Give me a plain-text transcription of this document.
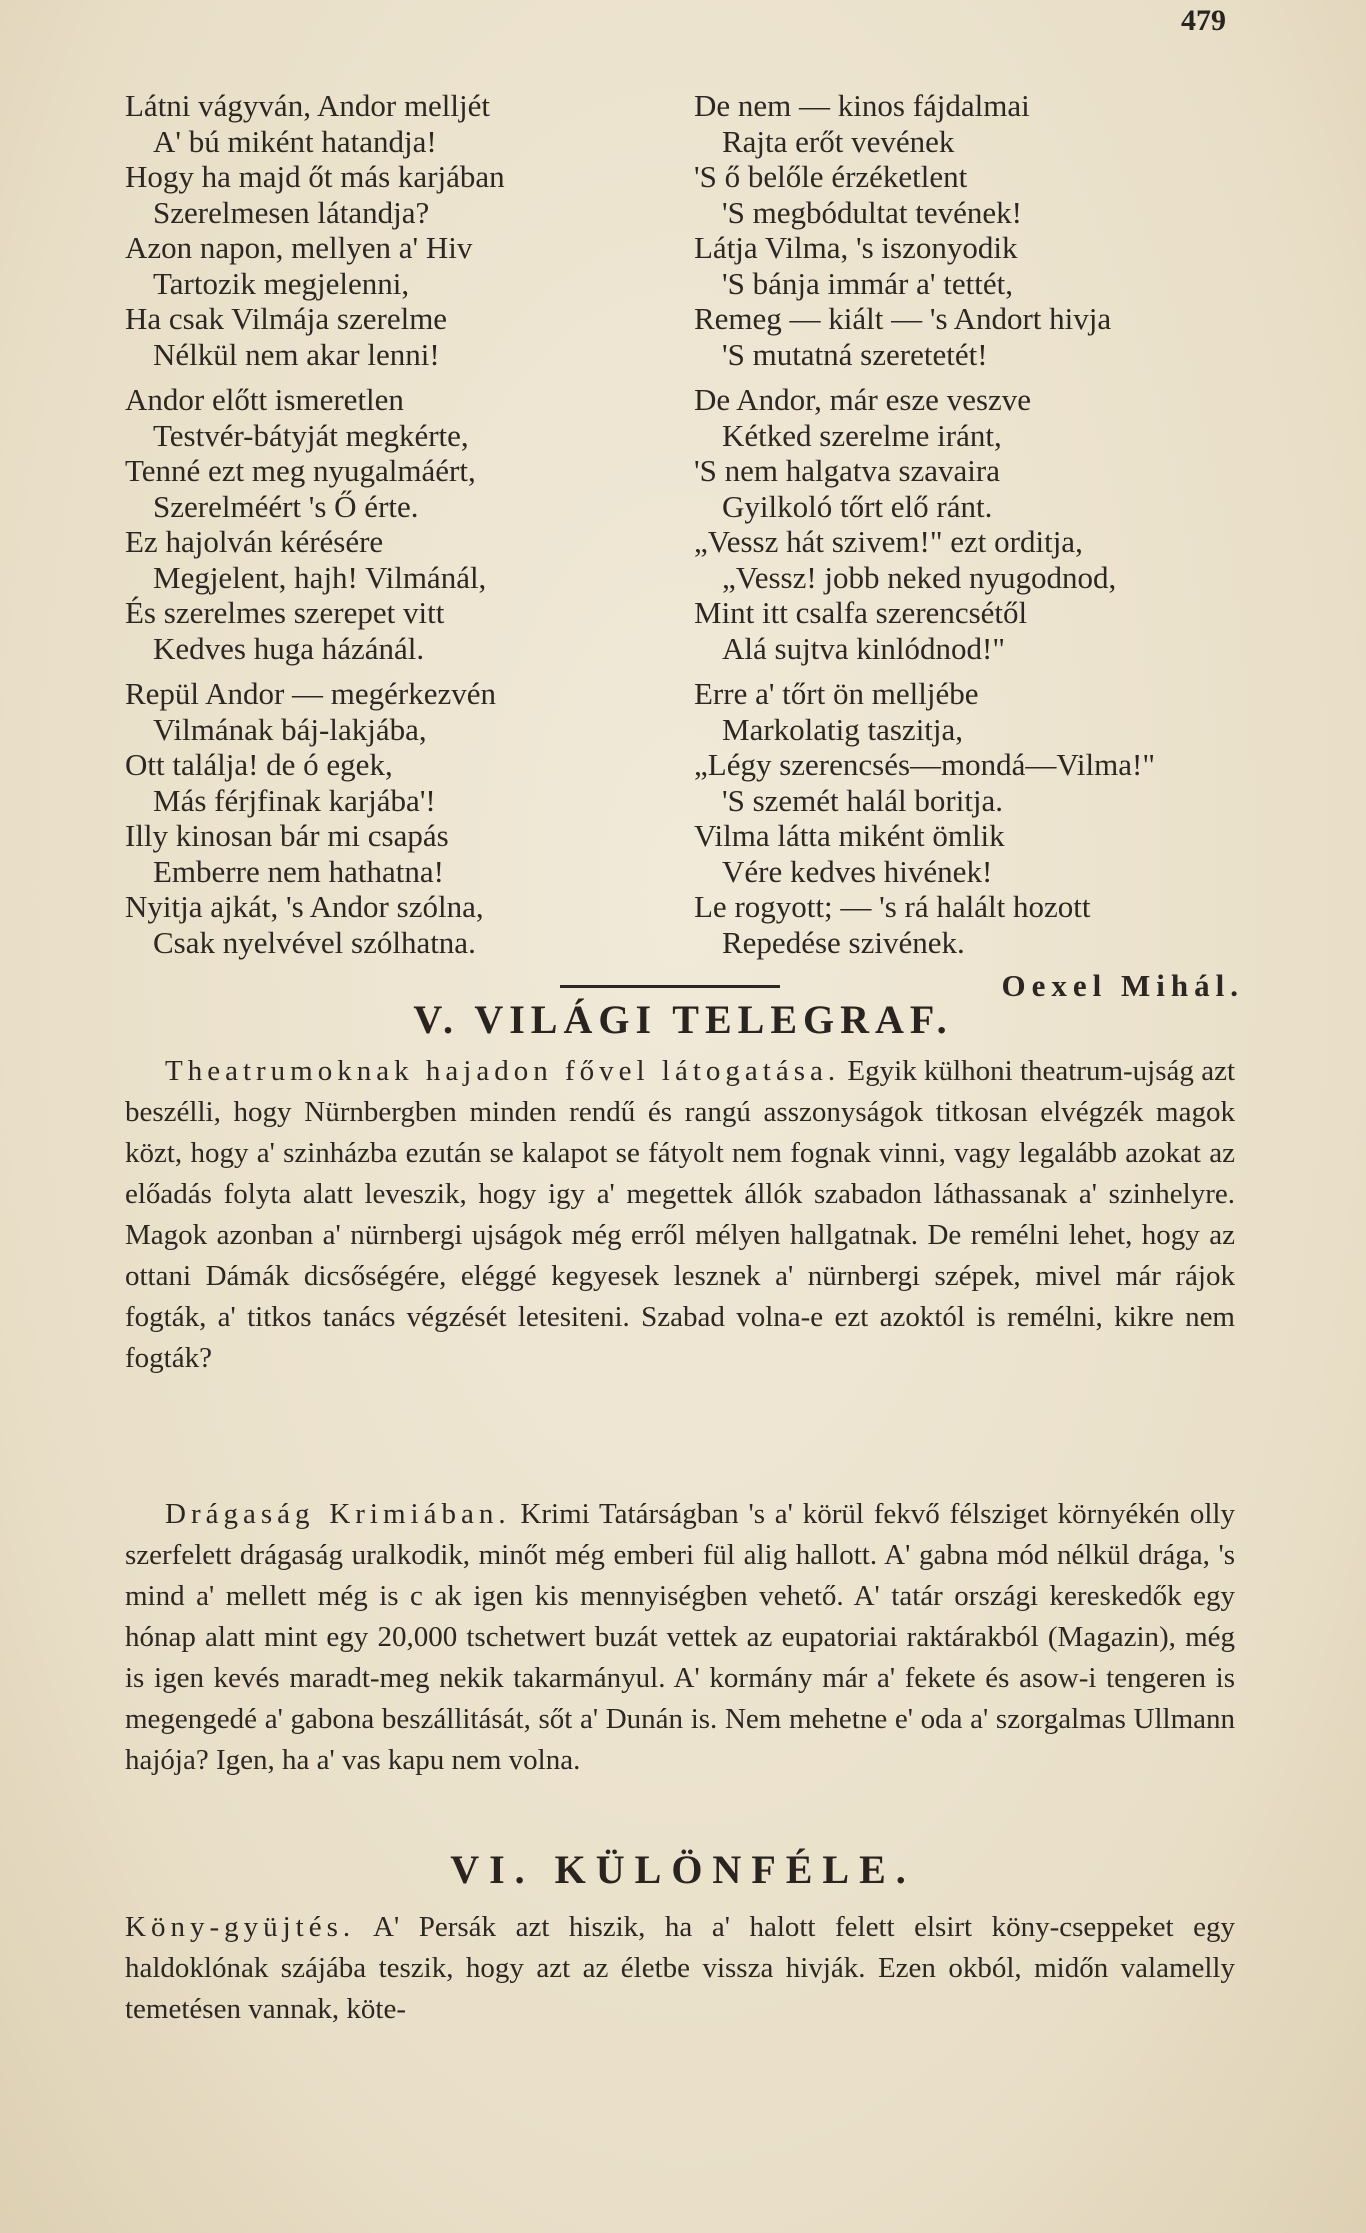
479
Látni vágyván, Andor melljét
A' bú miként hatandja!
Hogy ha majd őt más karjában
Szerelmesen látandja?
Azon napon, mellyen a' Hiv
Tartozik megjelenni,
Ha csak Vilmája szerelme
Nélkül nem akar lenni!
Andor előtt ismeretlen
Testvér-bátyját megkérte,
Tenné ezt meg nyugalmáért,
Szerelméért 's Ő érte.
Ez hajolván kérésére
Megjelent, hajh! Vilmánál,
És szerelmes szerepet vitt
Kedves huga házánál.
Repül Andor — megérkezvén
Vilmának báj-lakjába,
Ott találja! de ó egek,
Más férjfinak karjába'!
Illy kinosan bár mi csapás
Emberre nem hathatna!
Nyitja ajkát, 's Andor szólna,
Csak nyelvével szólhatna.
De nem — kinos fájdalmai
Rajta erőt vevének
'S ő belőle érzéketlent
'S megbódultat tevének!
Látja Vilma, 's iszonyodik
'S bánja immár a' tettét,
Remeg — kiált — 's Andort hivja
'S mutatná szeretetét!
De Andor, már esze veszve
Kétked szerelme iránt,
'S nem halgatva szavaira
Gyilkoló tőrt elő ránt.
„Vessz hát szivem!" ezt orditja,
„Vessz! jobb neked nyugodnod,
Mint itt csalfa szerencsétől
Alá sujtva kinlódnod!"
Erre a' tőrt ön melljébe
Markolatig taszitja,
„Légy szerencsés—mondá—Vilma!"
'S szemét halál boritja.
Vilma látta miként ömlik
Vére kedves hivének!
Le rogyott; — 's rá halált hozott
Repedése szivének.
Oexel Mihál.
V. VILÁGI TELEGRAF.

Theatrumoknak hajadon fővel látogatása. Egyik külhoni theatrum-ujság azt beszélli, hogy Nürnbergben minden rendű és rangú asszonyságok titkosan elvégzék magok közt, hogy a' szinházba ezután se kalapot se fátyolt nem fognak vinni, vagy legalább azokat az előadás folyta alatt leveszik, hogy igy a' megettek állók szabadon láthassanak a' szinhelyre. Magok azonban a' nürnbergi ujságok még erről mélyen hallgatnak. De remélni lehet, hogy az ottani Dámák dicsőségére, eléggé kegyesek lesznek a' nürnbergi szépek, mivel már rájok fogták, a' titkos tanács végzését letesiteni. Szabad volna-e ezt azoktól is remélni, kikre nem fogták?

Drágaság Krimiában. Krimi Tatárságban 's a' körül fekvő félsziget környékén olly szerfelett drágaság uralkodik, minőt még emberi fül alig hallott. A' gabna mód nélkül drága, 's mind a' mellett még is c ak igen kis mennyiségben vehető. A' tatár országi kereskedők egy hónap alatt mint egy 20,000 tschetwert buzát vettek az eupatoriai raktárakból (Magazin), még is igen kevés maradt-meg nekik takarmányul. A' kormány már a' fekete és asow-i tengeren is megengedé a' gabona beszállitását, sőt a' Dunán is. Nem mehetne e' oda a' szorgalmas Ullmann hajója? Igen, ha a' vas kapu nem volna.

VI. KÜLÖNFÉLE.

Köny-gyüjtés. A' Persák azt hiszik, ha a' halott felett elsirt köny-cseppeket egy haldoklónak szájába teszik, hogy azt az életbe vissza hivják. Ezen okból, midőn valamelly temetésen vannak, köte-
